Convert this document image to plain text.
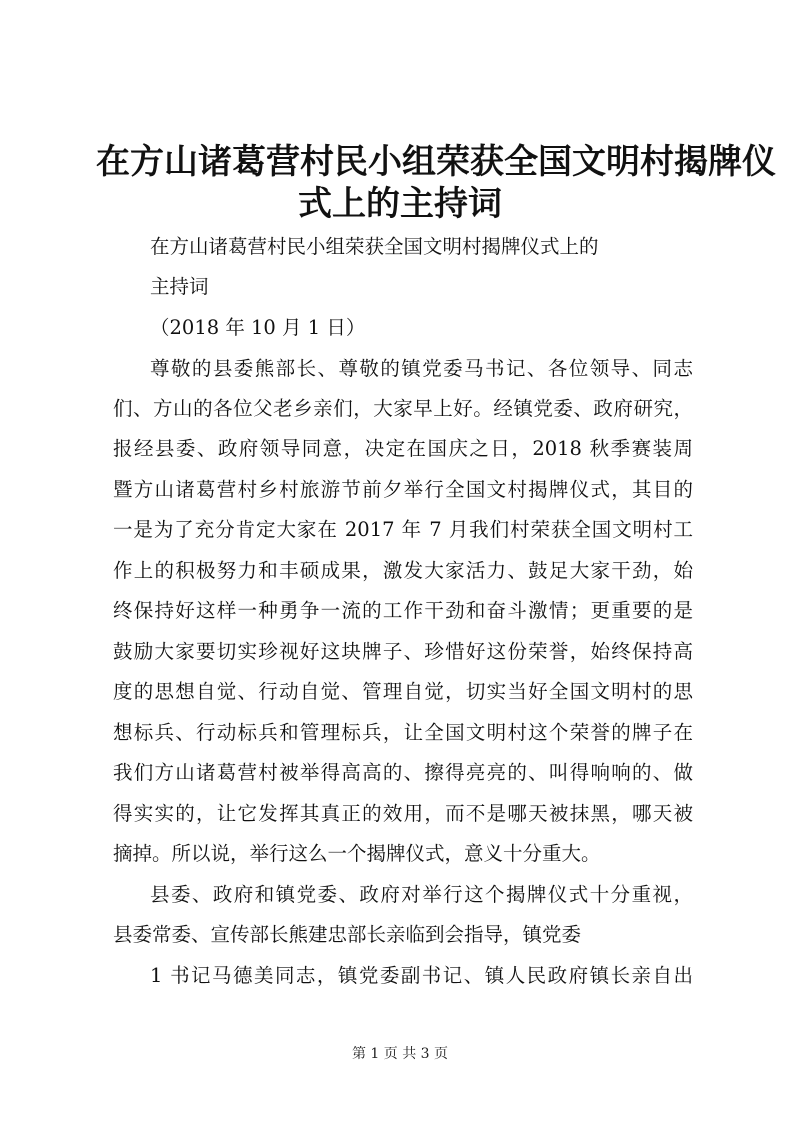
在方山诸葛营村民小组荣获全国文明村揭牌仪
式上的主持词
在方山诸葛营村民小组荣获全国文明村揭牌仪式上的
主持词
（2018 年 10 月 1 日）
尊敬的县委熊部长、尊敬的镇党委马书记、各位领导、同志
们、方山的各位父老乡亲们，大家早上好。经镇党委、政府研究，
报经县委、政府领导同意，决定在国庆之日，2018 秋季赛装周
暨方山诸葛营村乡村旅游节前夕举行全国文村揭牌仪式，其目的
一是为了充分肯定大家在 2017 年 7 月我们村荣获全国文明村工
作上的积极努力和丰硕成果，激发大家活力、鼓足大家干劲，始
终保持好这样一种勇争一流的工作干劲和奋斗激情；更重要的是
鼓励大家要切实珍视好这块牌子、珍惜好这份荣誉，始终保持高
度的思想自觉、行动自觉、管理自觉，切实当好全国文明村的思
想标兵、行动标兵和管理标兵，让全国文明村这个荣誉的牌子在
我们方山诸葛营村被举得高高的、擦得亮亮的、叫得响响的、做
得实实的，让它发挥其真正的效用，而不是哪天被抹黑，哪天被
摘掉。所以说，举行这么一个揭牌仪式，意义十分重大。
县委、政府和镇党委、政府对举行这个揭牌仪式十分重视，
县委常委、宣传部长熊建忠部长亲临到会指导，镇党委
1 书记马德美同志，镇党委副书记、镇人民政府镇长亲自出
第 1 页 共 3 页
